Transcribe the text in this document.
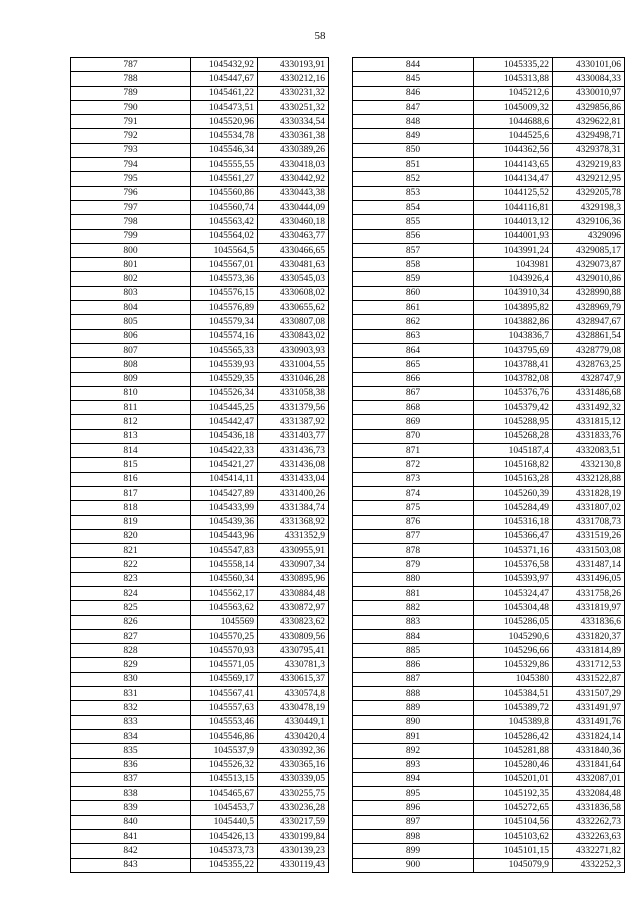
58
787	1045432,92	4330193,91
788	1045447,67	4330212,16
789	1045461,22	4330231,32
790	1045473,51	4330251,32
791	1045520,96	4330334,54
792	1045534,78	4330361,38
793	1045546,34	4330389,26
794	1045555,55	4330418,03
795	1045561,27	4330442,92
796	1045560,86	4330443,38
797	1045560,74	4330444,09
798	1045563,42	4330460,18
799	1045564,02	4330463,77
800	1045564,5	4330466,65
801	1045567,01	4330481,63
802	1045573,36	4330545,03
803	1045576,15	4330608,02
804	1045576,89	4330655,62
805	1045579,34	4330807,08
806	1045574,16	4330843,02
807	1045565,33	4330903,93
808	1045539,93	4331004,55
809	1045529,35	4331046,28
810	1045526,34	4331058,38
811	1045445,25	4331379,56
812	1045442,47	4331387,92
813	1045436,18	4331403,77
814	1045422,33	4331436,73
815	1045421,27	4331436,08
816	1045414,11	4331433,04
817	1045427,89	4331400,26
818	1045433,99	4331384,74
819	1045439,36	4331368,92
820	1045443,96	4331352,9
821	1045547,83	4330955,91
822	1045558,14	4330907,34
823	1045560,34	4330895,96
824	1045562,17	4330884,48
825	1045563,62	4330872,97
826	1045569	4330823,62
827	1045570,25	4330809,56
828	1045570,93	4330795,41
829	1045571,05	4330781,3
830	1045569,17	4330615,37
831	1045567,41	4330574,8
832	1045557,63	4330478,19
833	1045553,46	4330449,1
834	1045546,86	4330420,4
835	1045537,9	4330392,36
836	1045526,32	4330365,16
837	1045513,15	4330339,05
838	1045465,67	4330255,75
839	1045453,7	4330236,28
840	1045440,5	4330217,59
841	1045426,13	4330199,84
842	1045373,73	4330139,23
843	1045355,22	4330119,43
844	1045335,22	4330101,06
845	1045313,88	4330084,33
846	1045212,6	4330010,97
847	1045009,32	4329856,86
848	1044688,6	4329622,81
849	1044525,6	4329498,71
850	1044362,56	4329378,31
851	1044143,65	4329219,83
852	1044134,47	4329212,95
853	1044125,52	4329205,78
854	1044116,81	4329198,3
855	1044013,12	4329106,36
856	1044001,93	4329096
857	1043991,24	4329085,17
858	1043981	4329073,87
859	1043926,4	4329010,86
860	1043910,34	4328990,88
861	1043895,82	4328969,79
862	1043882,86	4328947,67
863	1043836,7	4328861,54
864	1043795,69	4328779,08
865	1043788,41	4328763,25
866	1043782,08	4328747,9
867	1045376,76	4331486,68
868	1045379,42	4331492,32
869	1045288,95	4331815,12
870	1045268,28	4331833,76
871	1045187,4	4332083,51
872	1045168,82	4332130,8
873	1045163,28	4332128,88
874	1045260,39	4331828,19
875	1045284,49	4331807,02
876	1045316,18	4331708,73
877	1045366,47	4331519,26
878	1045371,16	4331503,08
879	1045376,58	4331487,14
880	1045393,97	4331496,05
881	1045324,47	4331758,26
882	1045304,48	4331819,97
883	1045286,05	4331836,6
884	1045290,6	4331820,37
885	1045296,66	4331814,89
886	1045329,86	4331712,53
887	1045380	4331522,87
888	1045384,51	4331507,29
889	1045389,72	4331491,97
890	1045389,8	4331491,76
891	1045286,42	4331824,14
892	1045281,88	4331840,36
893	1045280,46	4331841,64
894	1045201,01	4332087,01
895	1045192,35	4332084,48
896	1045272,65	4331836,58
897	1045104,56	4332262,73
898	1045103,62	4332263,63
899	1045101,15	4332271,82
900	1045079,9	4332252,3
